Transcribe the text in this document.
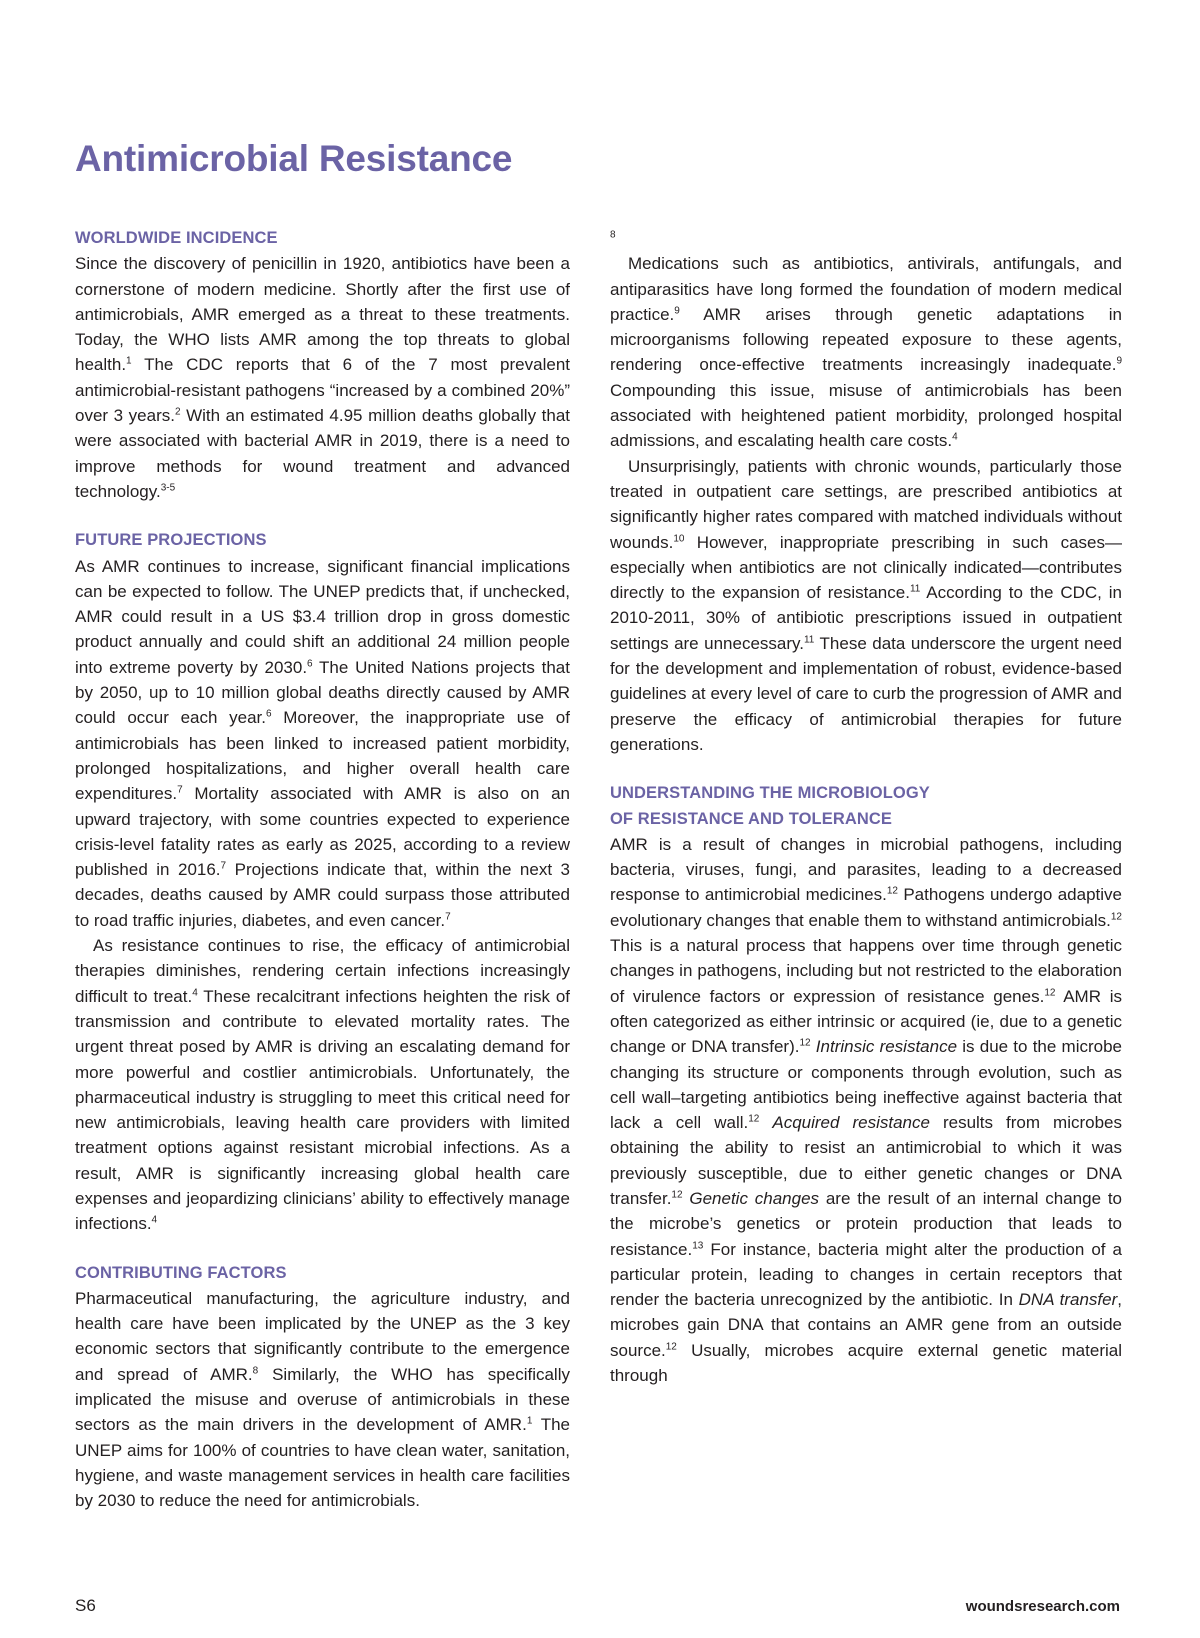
Antimicrobial Resistance
WORLDWIDE INCIDENCE

Since the discovery of penicillin in 1920, antibiotics have been a cornerstone of modern medicine. Shortly after the first use of antimicrobials, AMR emerged as a threat to these treatments. Today, the WHO lists AMR among the top threats to global health.$^1$ The CDC reports that 6 of the 7 most prevalent antimicrobial-resistant pathogens “increased by a combined 20%” over 3 years.$^2$ With an estimated 4.95 million deaths globally that were associated with bacterial AMR in 2019, there is a need to improve methods for wound treatment and advanced technology.$^{3-5}$

FUTURE PROJECTIONS

As AMR continues to increase, significant financial implications can be expected to follow. The UNEP predicts that, if unchecked, AMR could result in a US $3.4 trillion drop in gross domestic product annually and could shift an additional 24 million people into extreme poverty by 2030.$^6$ The United Nations projects that by 2050, up to 10 million global deaths directly caused by AMR could occur each year.$^6$ Moreover, the inappropriate use of antimicrobials has been linked to increased patient morbidity, prolonged hospitalizations, and higher overall health care expenditures.$^7$ Mortality associated with AMR is also on an upward trajectory, with some countries expected to experience crisis-level fatality rates as early as 2025, according to a review published in 2016.$^7$ Projections indicate that, within the next 3 decades, deaths caused by AMR could surpass those attributed to road traffic injuries, diabetes, and even cancer.$^7$

As resistance continues to rise, the efficacy of antimicrobial therapies diminishes, rendering certain infections increasingly difficult to treat.$^4$ These recalcitrant infections heighten the risk of transmission and contribute to elevated mortality rates. The urgent threat posed by AMR is driving an escalating demand for more powerful and costlier antimicrobials. Unfortunately, the pharmaceutical industry is struggling to meet this critical need for new antimicrobials, leaving health care providers with limited treatment options against resistant microbial infections. As a result, AMR is significantly increasing global health care expenses and jeopardizing clinicians’ ability to effectively manage infections.$^4$

CONTRIBUTING FACTORS

Pharmaceutical manufacturing, the agriculture industry, and health care have been implicated by the UNEP as the 3 key economic sectors that significantly contribute to the emergence and spread of AMR.$^8$ Similarly, the WHO has specifically implicated the misuse and overuse of antimicrobials in these sectors as the main drivers in the development of AMR.$^1$ The UNEP aims for 100% of countries to have clean water, sanitation, hygiene, and waste management services in health care facilities by 2030 to reduce the need for antimicrobials.

$^8$

Medications such as antibiotics, antivirals, antifungals, and antiparasitics have long formed the foundation of modern medical practice.$^9$ AMR arises through genetic adaptations in microorganisms following repeated exposure to these agents, rendering once-effective treatments increasingly inadequate.$^9$ Compounding this issue, misuse of antimicrobials has been associated with heightened patient morbidity, prolonged hospital admissions, and escalating health care costs.$^4$

Unsurprisingly, patients with chronic wounds, particularly those treated in outpatient care settings, are prescribed antibiotics at significantly higher rates compared with matched individuals without wounds.$^{10}$ However, inappropriate prescribing in such cases—especially when antibiotics are not clinically indicated—contributes directly to the expansion of resistance.$^{11}$ According to the CDC, in 2010-2011, 30% of antibiotic prescriptions issued in outpatient settings are unnecessary.$^{11}$ These data underscore the urgent need for the development and implementation of robust, evidence-based guidelines at every level of care to curb the progression of AMR and preserve the efficacy of antimicrobial therapies for future generations.

UNDERSTANDING THE MICROBIOLOGY
OF RESISTANCE AND TOLERANCE

AMR is a result of changes in microbial pathogens, including bacteria, viruses, fungi, and parasites, leading to a decreased response to antimicrobial medicines.$^{12}$ Pathogens undergo adaptive evolutionary changes that enable them to withstand antimicrobials.$^{12}$ This is a natural process that happens over time through genetic changes in pathogens, including but not restricted to the elaboration of virulence factors or expression of resistance genes.$^{12}$ AMR is often categorized as either intrinsic or acquired (ie, due to a genetic change or DNA transfer).$^{12}$ Intrinsic resistance is due to the microbe changing its structure or components through evolution, such as cell wall–targeting antibiotics being ineffective against bacteria that lack a cell wall.$^{12}$ Acquired resistance results from microbes obtaining the ability to resist an antimicrobial to which it was previously susceptible, due to either genetic changes or DNA transfer.$^{12}$ Genetic changes are the result of an internal change to the microbe’s genetics or protein production that leads to resistance.$^{13}$ For instance, bacteria might alter the production of a particular protein, leading to changes in certain receptors that render the bacteria unrecognized by the antibiotic. In DNA transfer, microbes gain DNA that contains an AMR gene from an outside source.$^{12}$ Usually, microbes acquire external genetic material through

S6	woundsresearch.com
